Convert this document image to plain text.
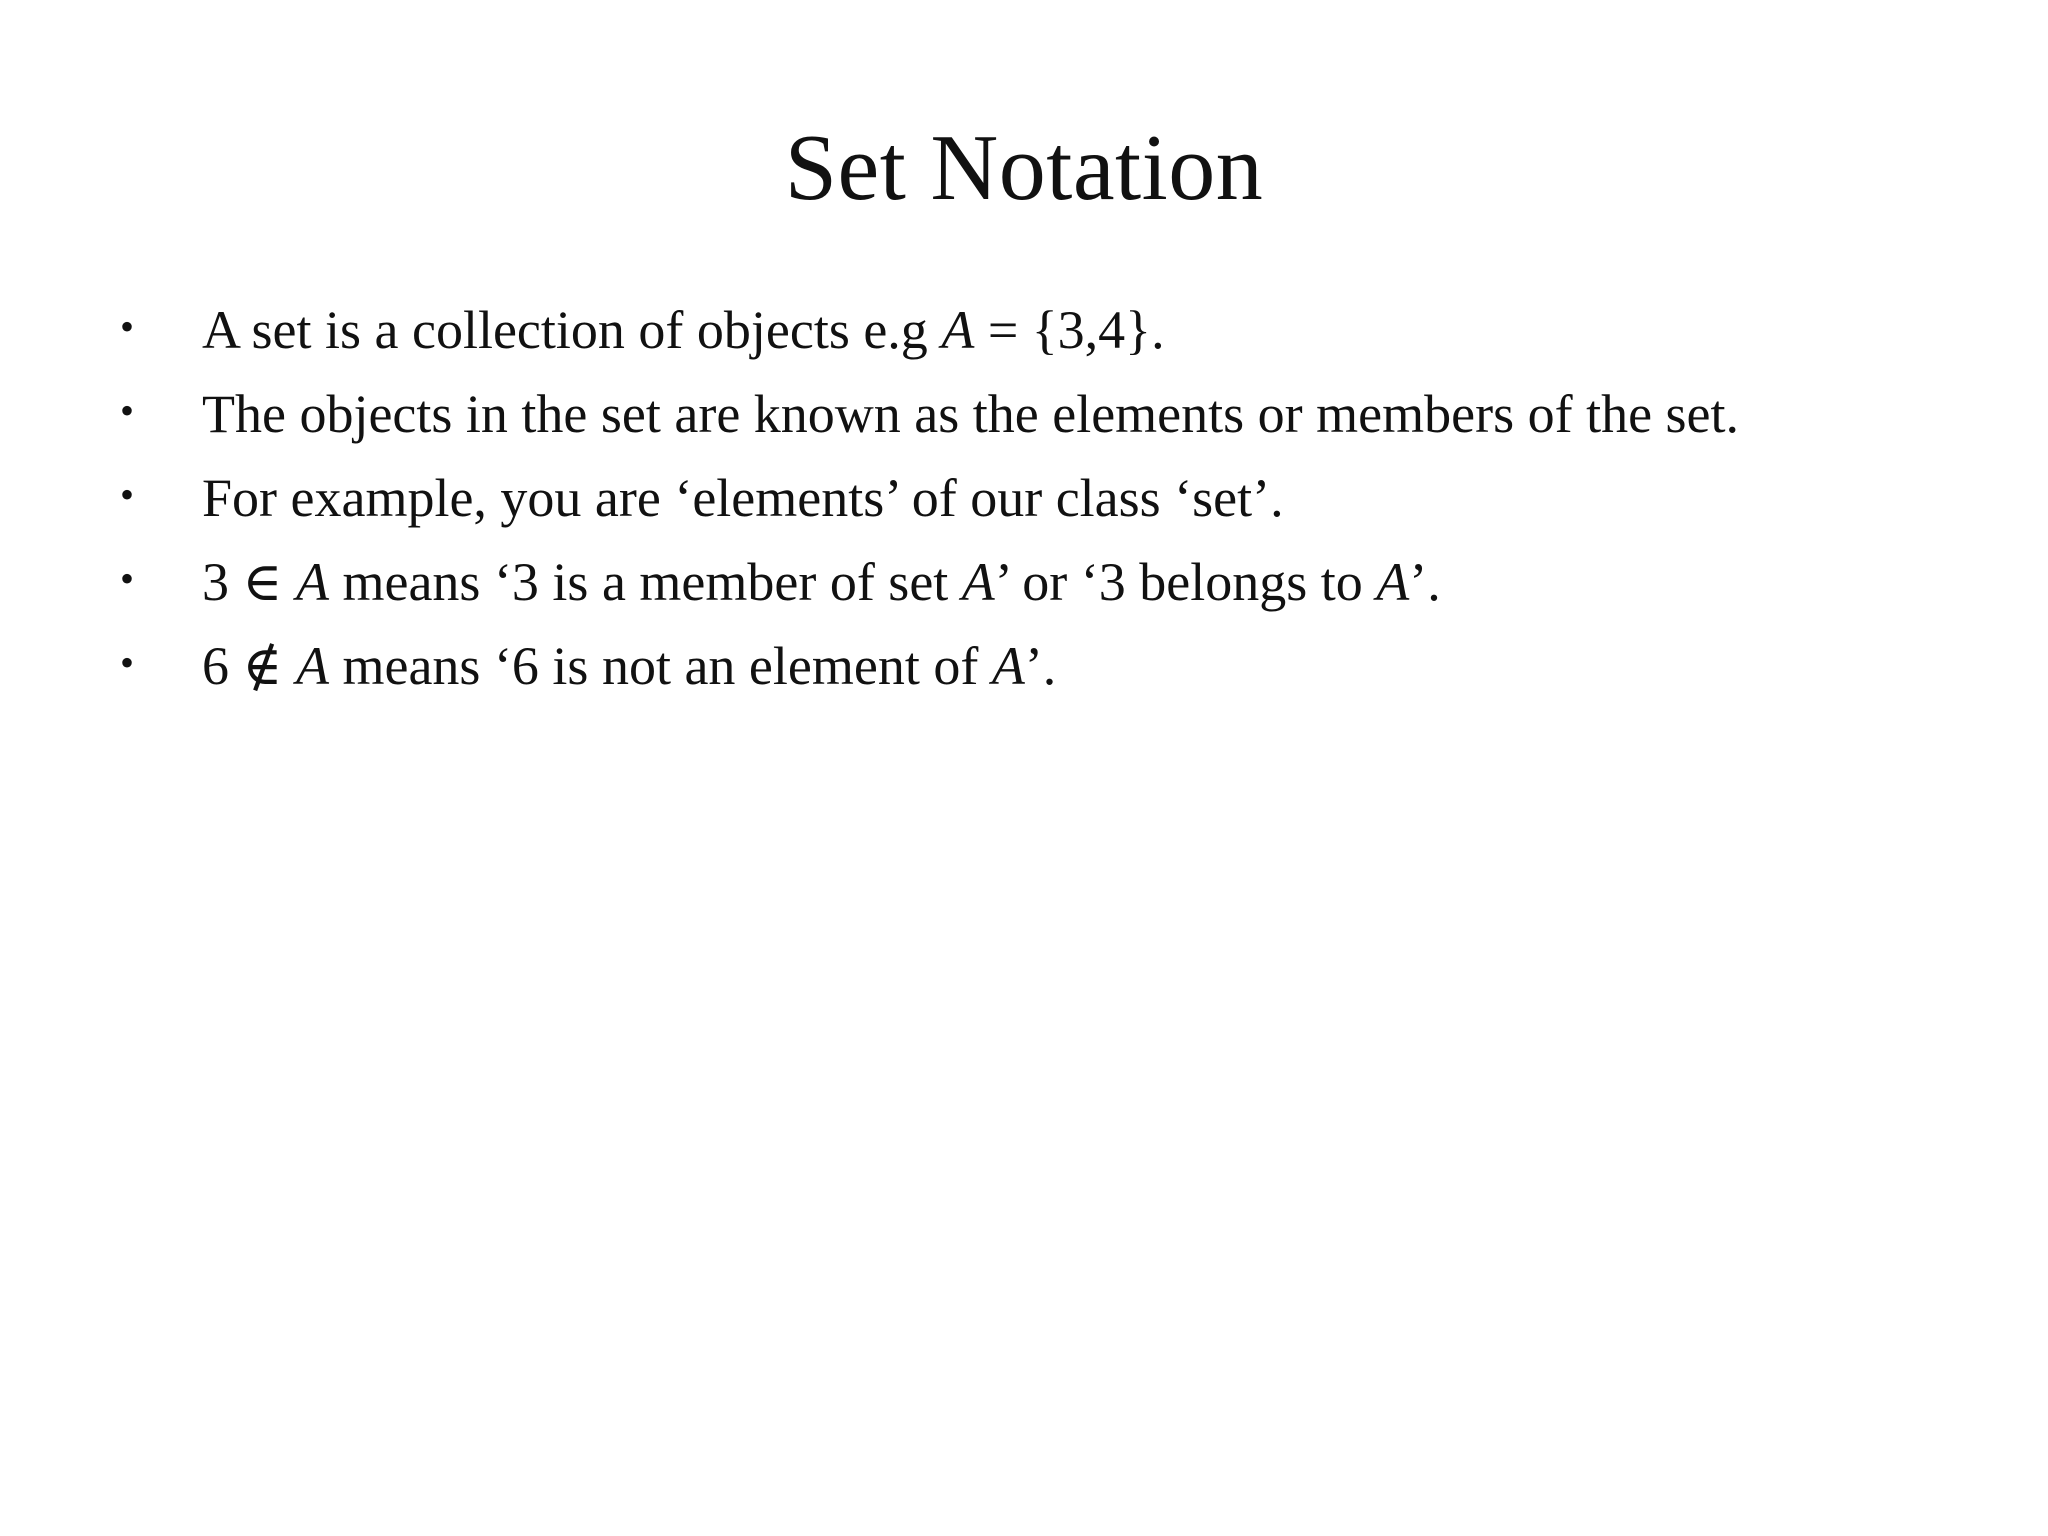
Set Notation
•	A set is a collection of objects e.g A = {3,4}.
•	The objects in the set are known as the elements or members of the set.
•	For example, you are ‘elements’ of our class ‘set’.
•	3 ∈ A means ‘3 is a member of set A’ or ‘3 belongs to A’.
•	6 ∉ A means ‘6 is not an element of A’.
